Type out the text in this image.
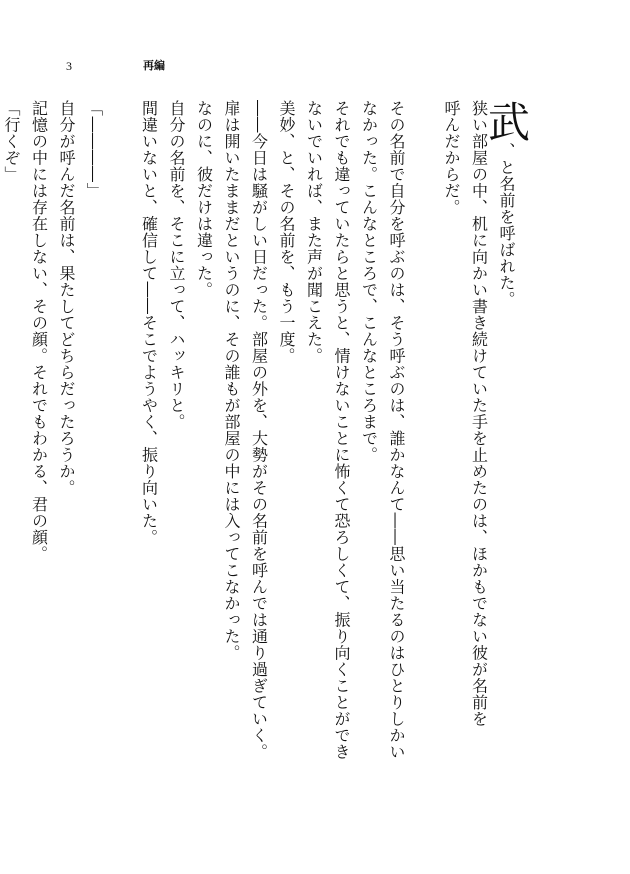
3	再編
武、と名前を呼ばれた。
狭い部屋の中、机に向かい書き続けていた手を止めたのは、ほかもでない彼が名前を
呼んだからだ。

その名前で自分を呼ぶのは、そう呼ぶのは、誰かなんて――思い当たるのはひとりしかい
なかった。こんなところで、こんなところまで。
それでも違っていたらと思うと、情けないことに怖くて恐ろしくて、振り向くことができ
ないでいれば、また声が聞こえた。
美妙、と、その名前を、もう一度。
――今日は騒がしい日だった。部屋の外を、大勢がその名前を呼んでは通り過ぎていく。
扉は開いたままだというのに、その誰もが部屋の中には入ってこなかった。
なのに、彼だけは違った。
自分の名前を、そこに立って、ハッキリと。
間違いないと、確信して――そこでようやく、振り向いた。

「――――」
自分が呼んだ名前は、果たしてどちらだったろうか。
記憶の中には存在しない、その顔。それでもわかる、君の顔。
「行くぞ」
